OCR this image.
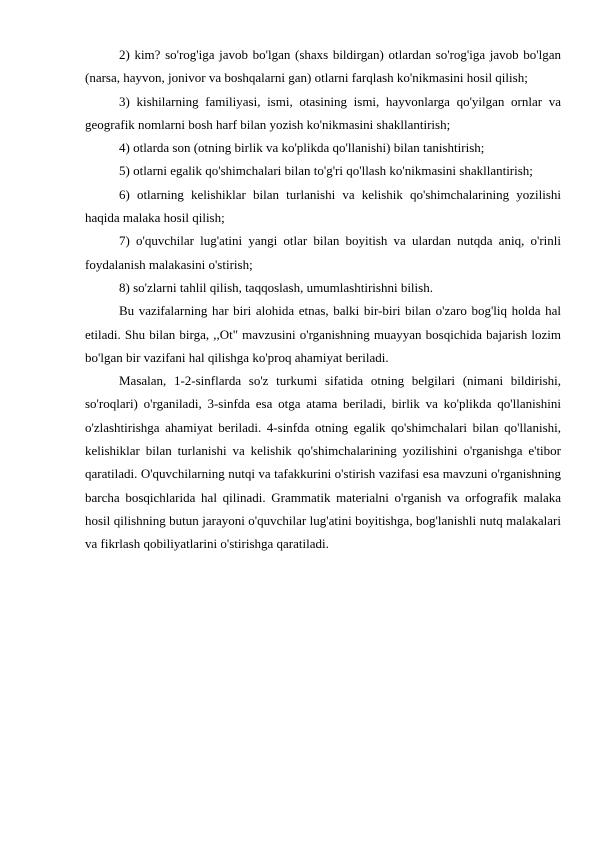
2) kim? so'rog'iga javob bo'lgan (shaxs bildirgan) otlardan so'rog'iga javob bo'lgan (narsa, hayvon, jonivor va boshqalarni gan) otlarni farqlash ko'nikmasini hosil qilish;

3) kishilarning familiyasi, ismi, otasining ismi, hayvonlarga qo'yilgan ornlar va geografik nomlarni bosh harf bilan yozish ko'nikmasini shakllantirish;

4) otlarda son (otning birlik va ko'plikda qo'llanishi) bilan tanishtirish;

5) otlarni egalik qo'shimchalari bilan to'g'ri qo'llash ko'nikmasini shakllantirish;

6) otlarning kelishiklar bilan turlanishi va kelishik qo'shimchalarining yozilishi haqida malaka hosil qilish;

7) o'quvchilar lug'atini yangi otlar bilan boyitish va ulardan nutqda aniq, o'rinli foydalanish malakasini o'stirish;

8) so'zlarni tahlil qilish, taqqoslash, umumlashtirishni bilish.

Bu vazifalarning har biri alohida etnas, balki bir-biri bilan o'zaro bog'liq holda hal etiladi. Shu bilan birga, ,,Ot" mavzusini o'rganishning muayyan bosqichida bajarish lozim bo'lgan bir vazifani hal qilishga ko'proq ahamiyat beriladi.

Masalan, 1-2-sinflarda so'z turkumi sifatida otning belgilari (nimani bildirishi, so'roqlari) o'rganiladi, 3-sinfda esa otga atama beriladi, birlik va ko'plikda qo'llanishini o'zlashtirishga ahamiyat beriladi. 4-sinfda otning egalik qo'shimchalari bilan qo'llanishi, kelishiklar bilan turlanishi va kelishik qo'shimchalarining yozilishini o'rganishga e'tibor qaratiladi. O'quvchilarning nutqi va tafakkurini o'stirish vazifasi esa mavzuni o'rganishning barcha bosqichlarida hal qilinadi. Grammatik materialni o'rganish va orfografik malaka hosil qilishning butun jarayoni o'quvchilar lug'atini boyitishga, bog'lanishli nutq malakalari va fikrlash qobiliyatlarini o'stirishga qaratiladi.
